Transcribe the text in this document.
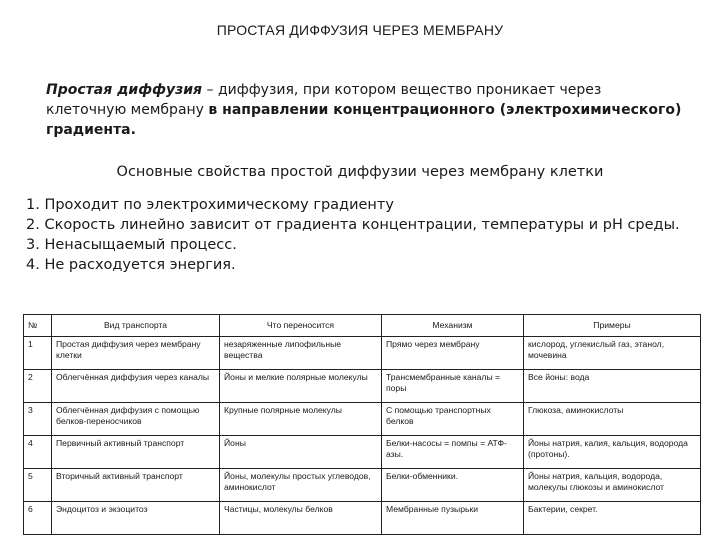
ПРОСТАЯ ДИФФУЗИЯ ЧЕРЕЗ МЕМБРАНУ
Простая диффузия – диффузия, при котором вещество проникает через клеточную мембрану в направлении концентрационного (электрохимического) градиента.
Основные свойства простой диффузии через мембрану клетки
1. Проходит по электрохимическому градиенту
2. Скорость линейно зависит от градиента концентрации, температуры и pH среды.
3. Ненасыщаемый процесс.
4. Не расходуется энергия.
№	Вид транспорта	Что переносится	Механизм	Примеры
1	Простая диффузия через мембрану клетки	незаряженные липофильные вещества	Прямо через мембрану	кислород, углекислый газ, этанол, мочевина
2	Облегчённая диффузия через каналы	Йоны и мелкие полярные молекулы	Трансмембранные каналы = поры	Все йоны: вода
3	Облегчённая диффузия с помощью белков-переносчиков	Крупные полярные молекулы	С помощью транспортных белков	Глюкоза, аминокислоты
4	Первичный активный транспорт	Йоны	Белки-насосы = помпы = АТФ-азы.	Йоны натрия, калия, кальция, водорода (протоны).
5	Вторичный активный транспорт	Йоны, молекулы простых углеводов, аминокислот	Белки-обменники.	Йоны натрия, кальция, водорода, молекулы глюкозы и аминокислот
6	Эндоцитоз и экзоцитоз	Частицы, молекулы белков	Мембранные пузырьки	Бактерии, секрет.
